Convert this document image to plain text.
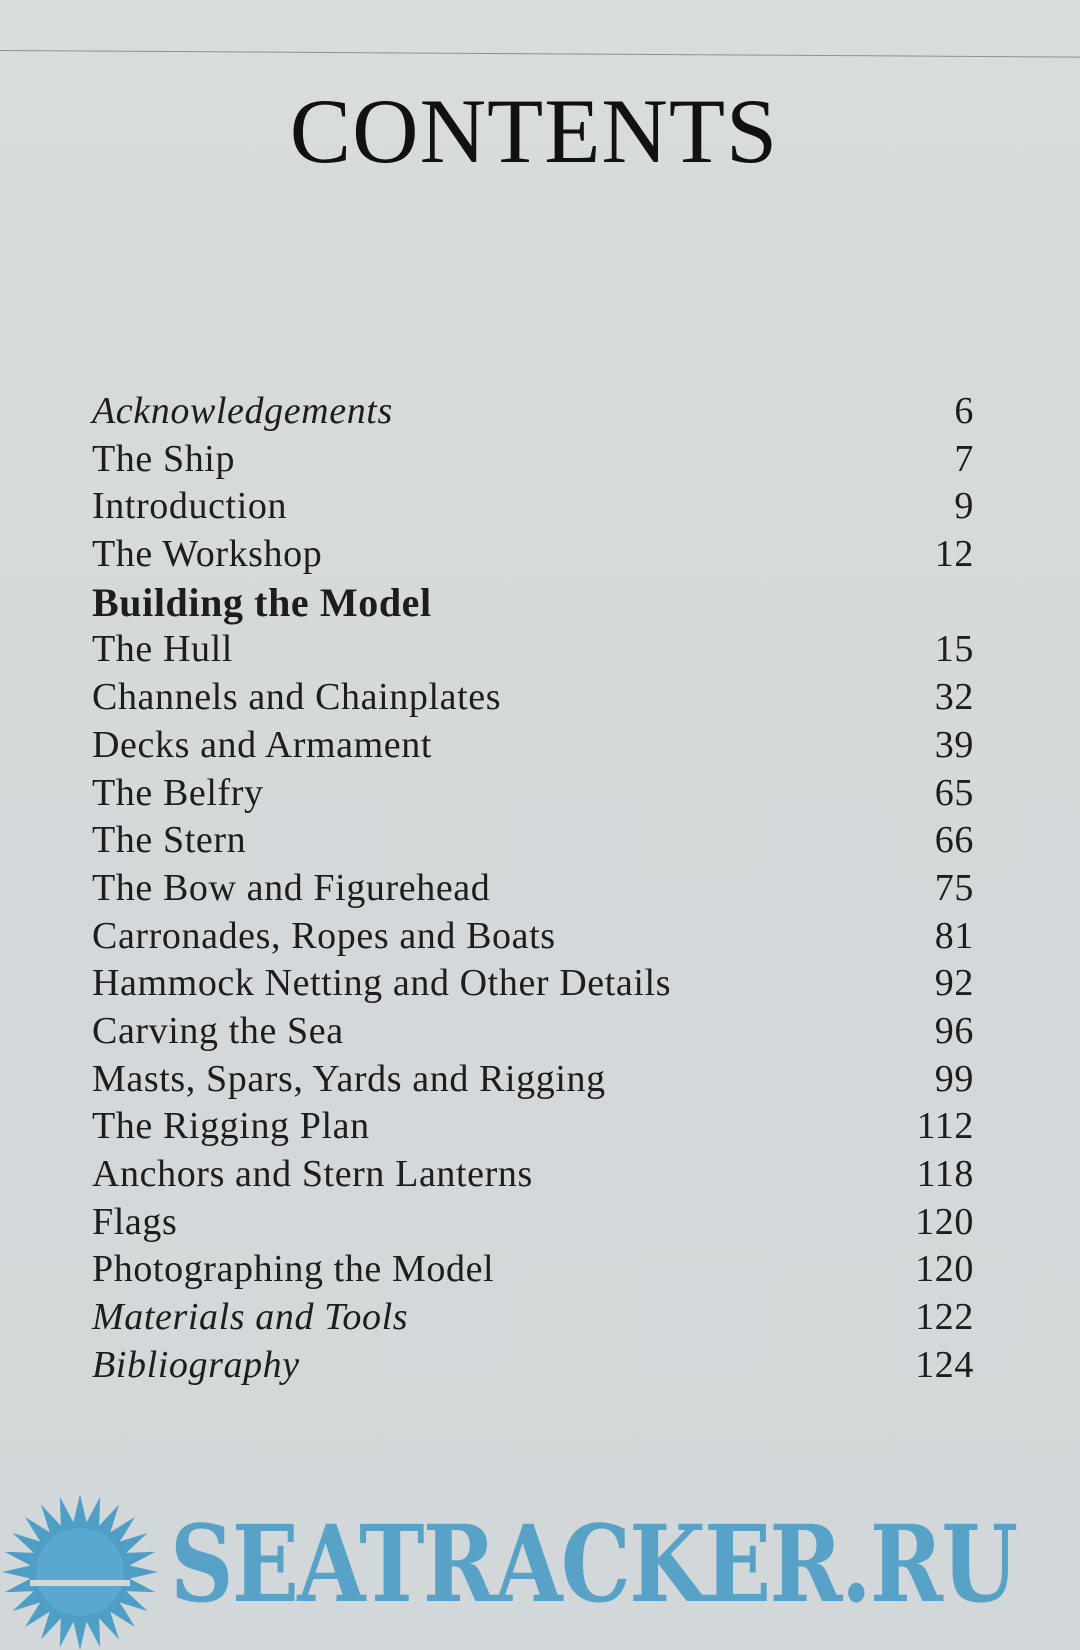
CONTENTS
Acknowledgements	6
The Ship	7
Introduction	9
The Workshop	12
Building the Model
The Hull	15
Channels and Chainplates	32
Decks and Armament	39
The Belfry	65
The Stern	66
The Bow and Figurehead	75
Carronades, Ropes and Boats	81
Hammock Netting and Other Details	92
Carving the Sea	96
Masts, Spars, Yards and Rigging	99
The Rigging Plan	112
Anchors and Stern Lanterns	118
Flags	120
Photographing the Model	120
Materials and Tools	122
Bibliography	124
SEATRACKER.RU
